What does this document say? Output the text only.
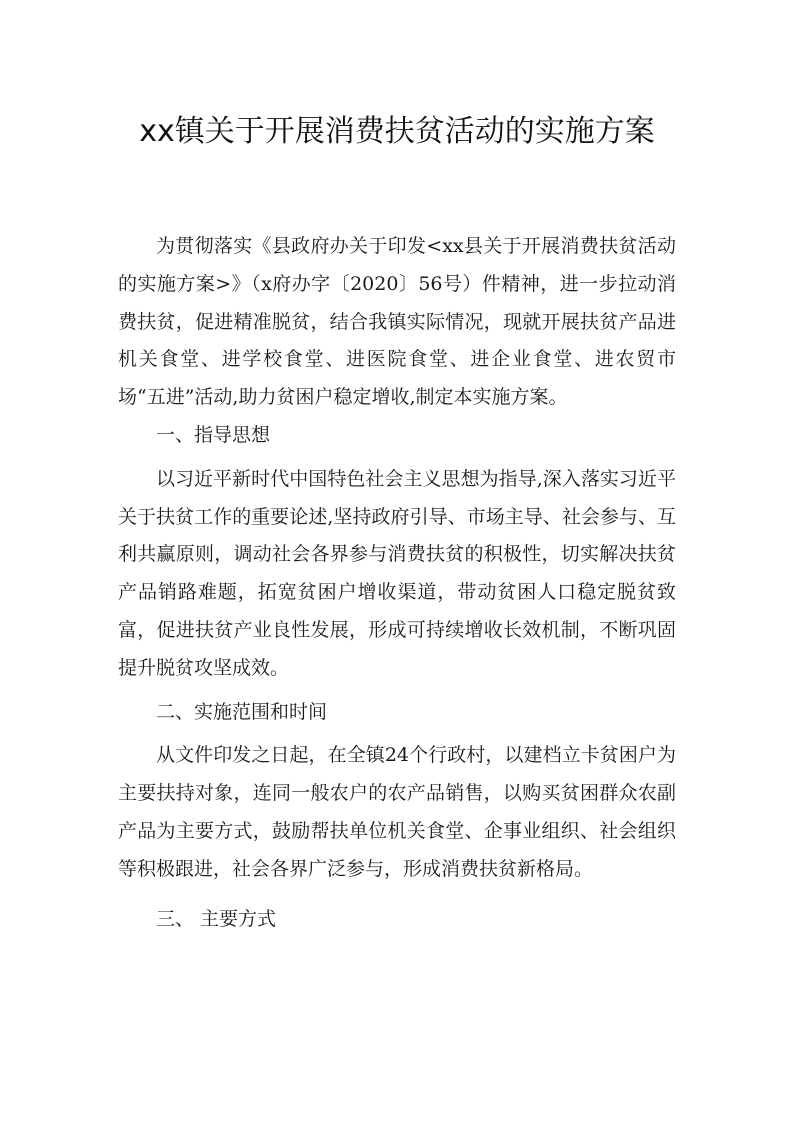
xx镇关于开展消费扶贫活动的实施方案

为贯彻落实《县政府办关于印发<xx县关于开展消费扶贫活动的实施方案>》（x府办字〔2020〕56号）件精神，进一步拉动消费扶贫，促进精准脱贫，结合我镇实际情况，现就开展扶贫产品进机关食堂、进学校食堂、进医院食堂、进企业食堂、进农贸市场“五进”活动,助力贫困户稳定增收,制定本实施方案。

一、指导思想

以习近平新时代中国特色社会主义思想为指导,深入落实习近平关于扶贫工作的重要论述,坚持政府引导、市场主导、社会参与、互利共赢原则，调动社会各界参与消费扶贫的积极性，切实解决扶贫产品销路难题，拓宽贫困户增收渠道，带动贫困人口稳定脱贫致富，促进扶贫产业良性发展，形成可持续增收长效机制，不断巩固提升脱贫攻坚成效。

二、实施范围和时间

从文件印发之日起，在全镇24个行政村，以建档立卡贫困户为主要扶持对象，连同一般农户的农产品销售，以购买贫困群众农副产品为主要方式，鼓励帮扶单位机关食堂、企事业组织、社会组织等积极跟进，社会各界广泛参与，形成消费扶贫新格局。

三、 主要方式
